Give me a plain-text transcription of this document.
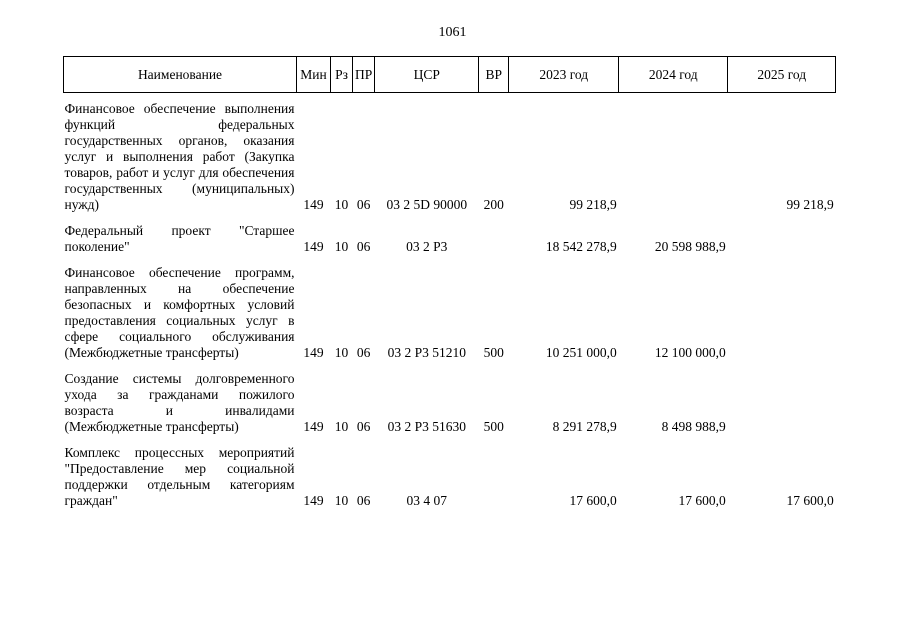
1061
Наименование	Мин	Рз	ПР	ЦСР	ВР	2023 год	2024 год	2025 год

Финансовое обеспечение выполнения функций федеральных государственных органов, оказания услуг и выполнения работ (Закупка товаров, работ и услуг для обеспечения государственных (муниципальных) нужд)	149	10	06	03 2 5D 90000	200	99 218,9		99 218,9

Федеральный проект "Старшее поколение"	149	10	06	03 2 Р3		18 542 278,9	20 598 988,9	

Финансовое обеспечение программ, направленных на обеспечение безопасных и комфортных условий предоставления социальных услуг в сфере социального обслуживания (Межбюджетные трансферты)	149	10	06	03 2 Р3 51210	500	10 251 000,0	12 100 000,0	

Создание системы долговременного ухода за гражданами пожилого возраста и инвалидами (Межбюджетные трансферты)	149	10	06	03 2 Р3 51630	500	8 291 278,9	8 498 988,9	

Комплекс процессных мероприятий "Предоставление мер социальной поддержки отдельным категориям граждан"	149	10	06	03 4 07		17 600,0	17 600,0	17 600,0
